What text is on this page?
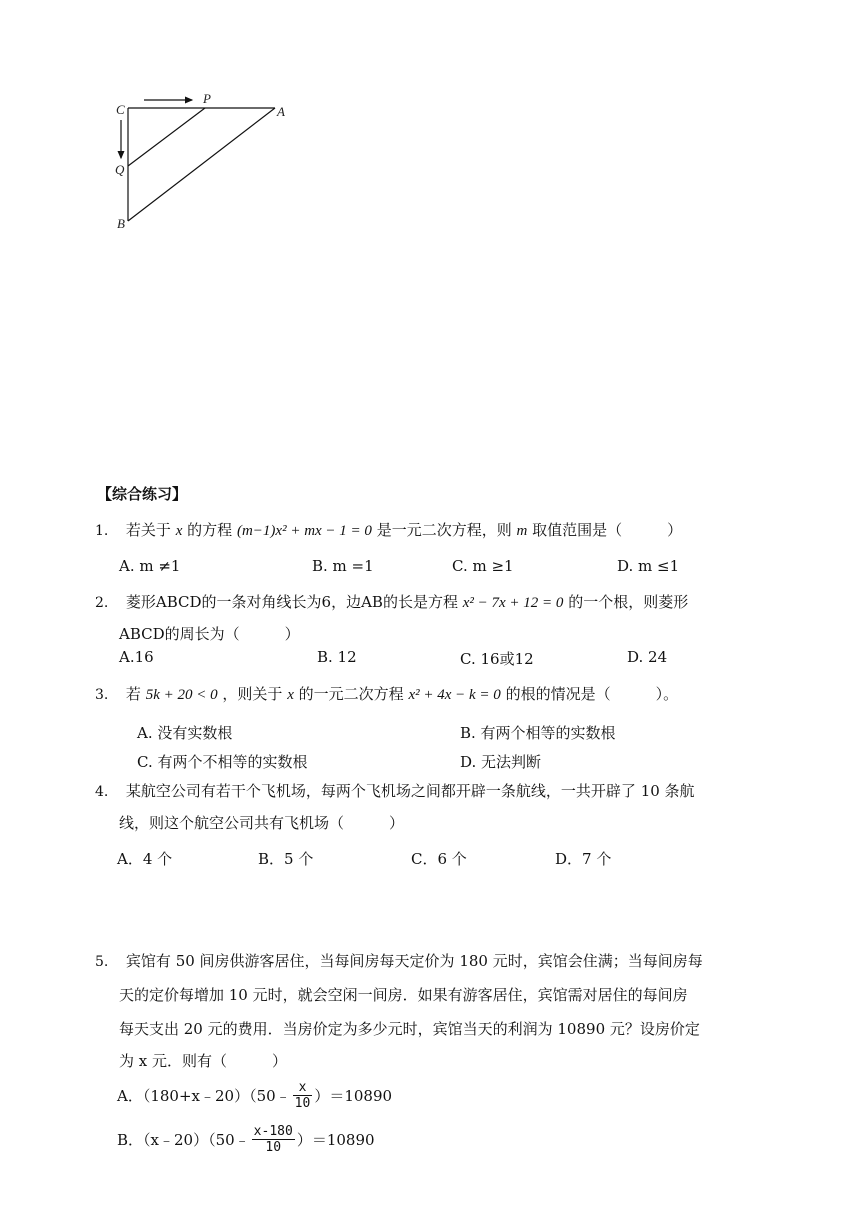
C
P
A
Q
B
【综合练习】
1. 若关于 x 的方程 (m−1)x² + mx − 1 = 0 是一元二次方程，则 m 取值范围是（　　　）
A. m ≠1	B. m =1	C. m ≥1	D. m ≤1
2. 菱形ABCD的一条对角线长为6，边AB的长是方程 x² − 7x + 12 = 0 的一个根，则菱形
ABCD的周长为（　　　）
A.16	B. 12	C. 16或12	D. 24
3. 若 5k + 20 < 0 ，则关于 x 的一元二次方程 x² + 4x − k = 0 的根的情况是（　　　）。
A. 没有实数根	B. 有两个相等的实数根
C. 有两个不相等的实数根	D. 无法判断
4. 某航空公司有若干个飞机场，每两个飞机场之间都开辟一条航线，一共开辟了 10 条航
线，则这个航空公司共有飞机场（　　　）
A．4 个	B．5 个	C．6 个	D．7 个
5. 宾馆有 50 间房供游客居住，当每间房每天定价为 180 元时，宾馆会住满；当每间房每
天的定价每增加 10 元时，就会空闲一间房．如果有游客居住，宾馆需对居住的每间房
每天支出 20 元的费用．当房价定为多少元时，宾馆当天的利润为 10890 元？设房价定
为 x 元．则有（　　　）
A．（180+x﹣20）（50﹣ $\frac{x}{10} )=10890$
B．（x﹣20）（50﹣ $\frac{x-180}{10} )=10890$
